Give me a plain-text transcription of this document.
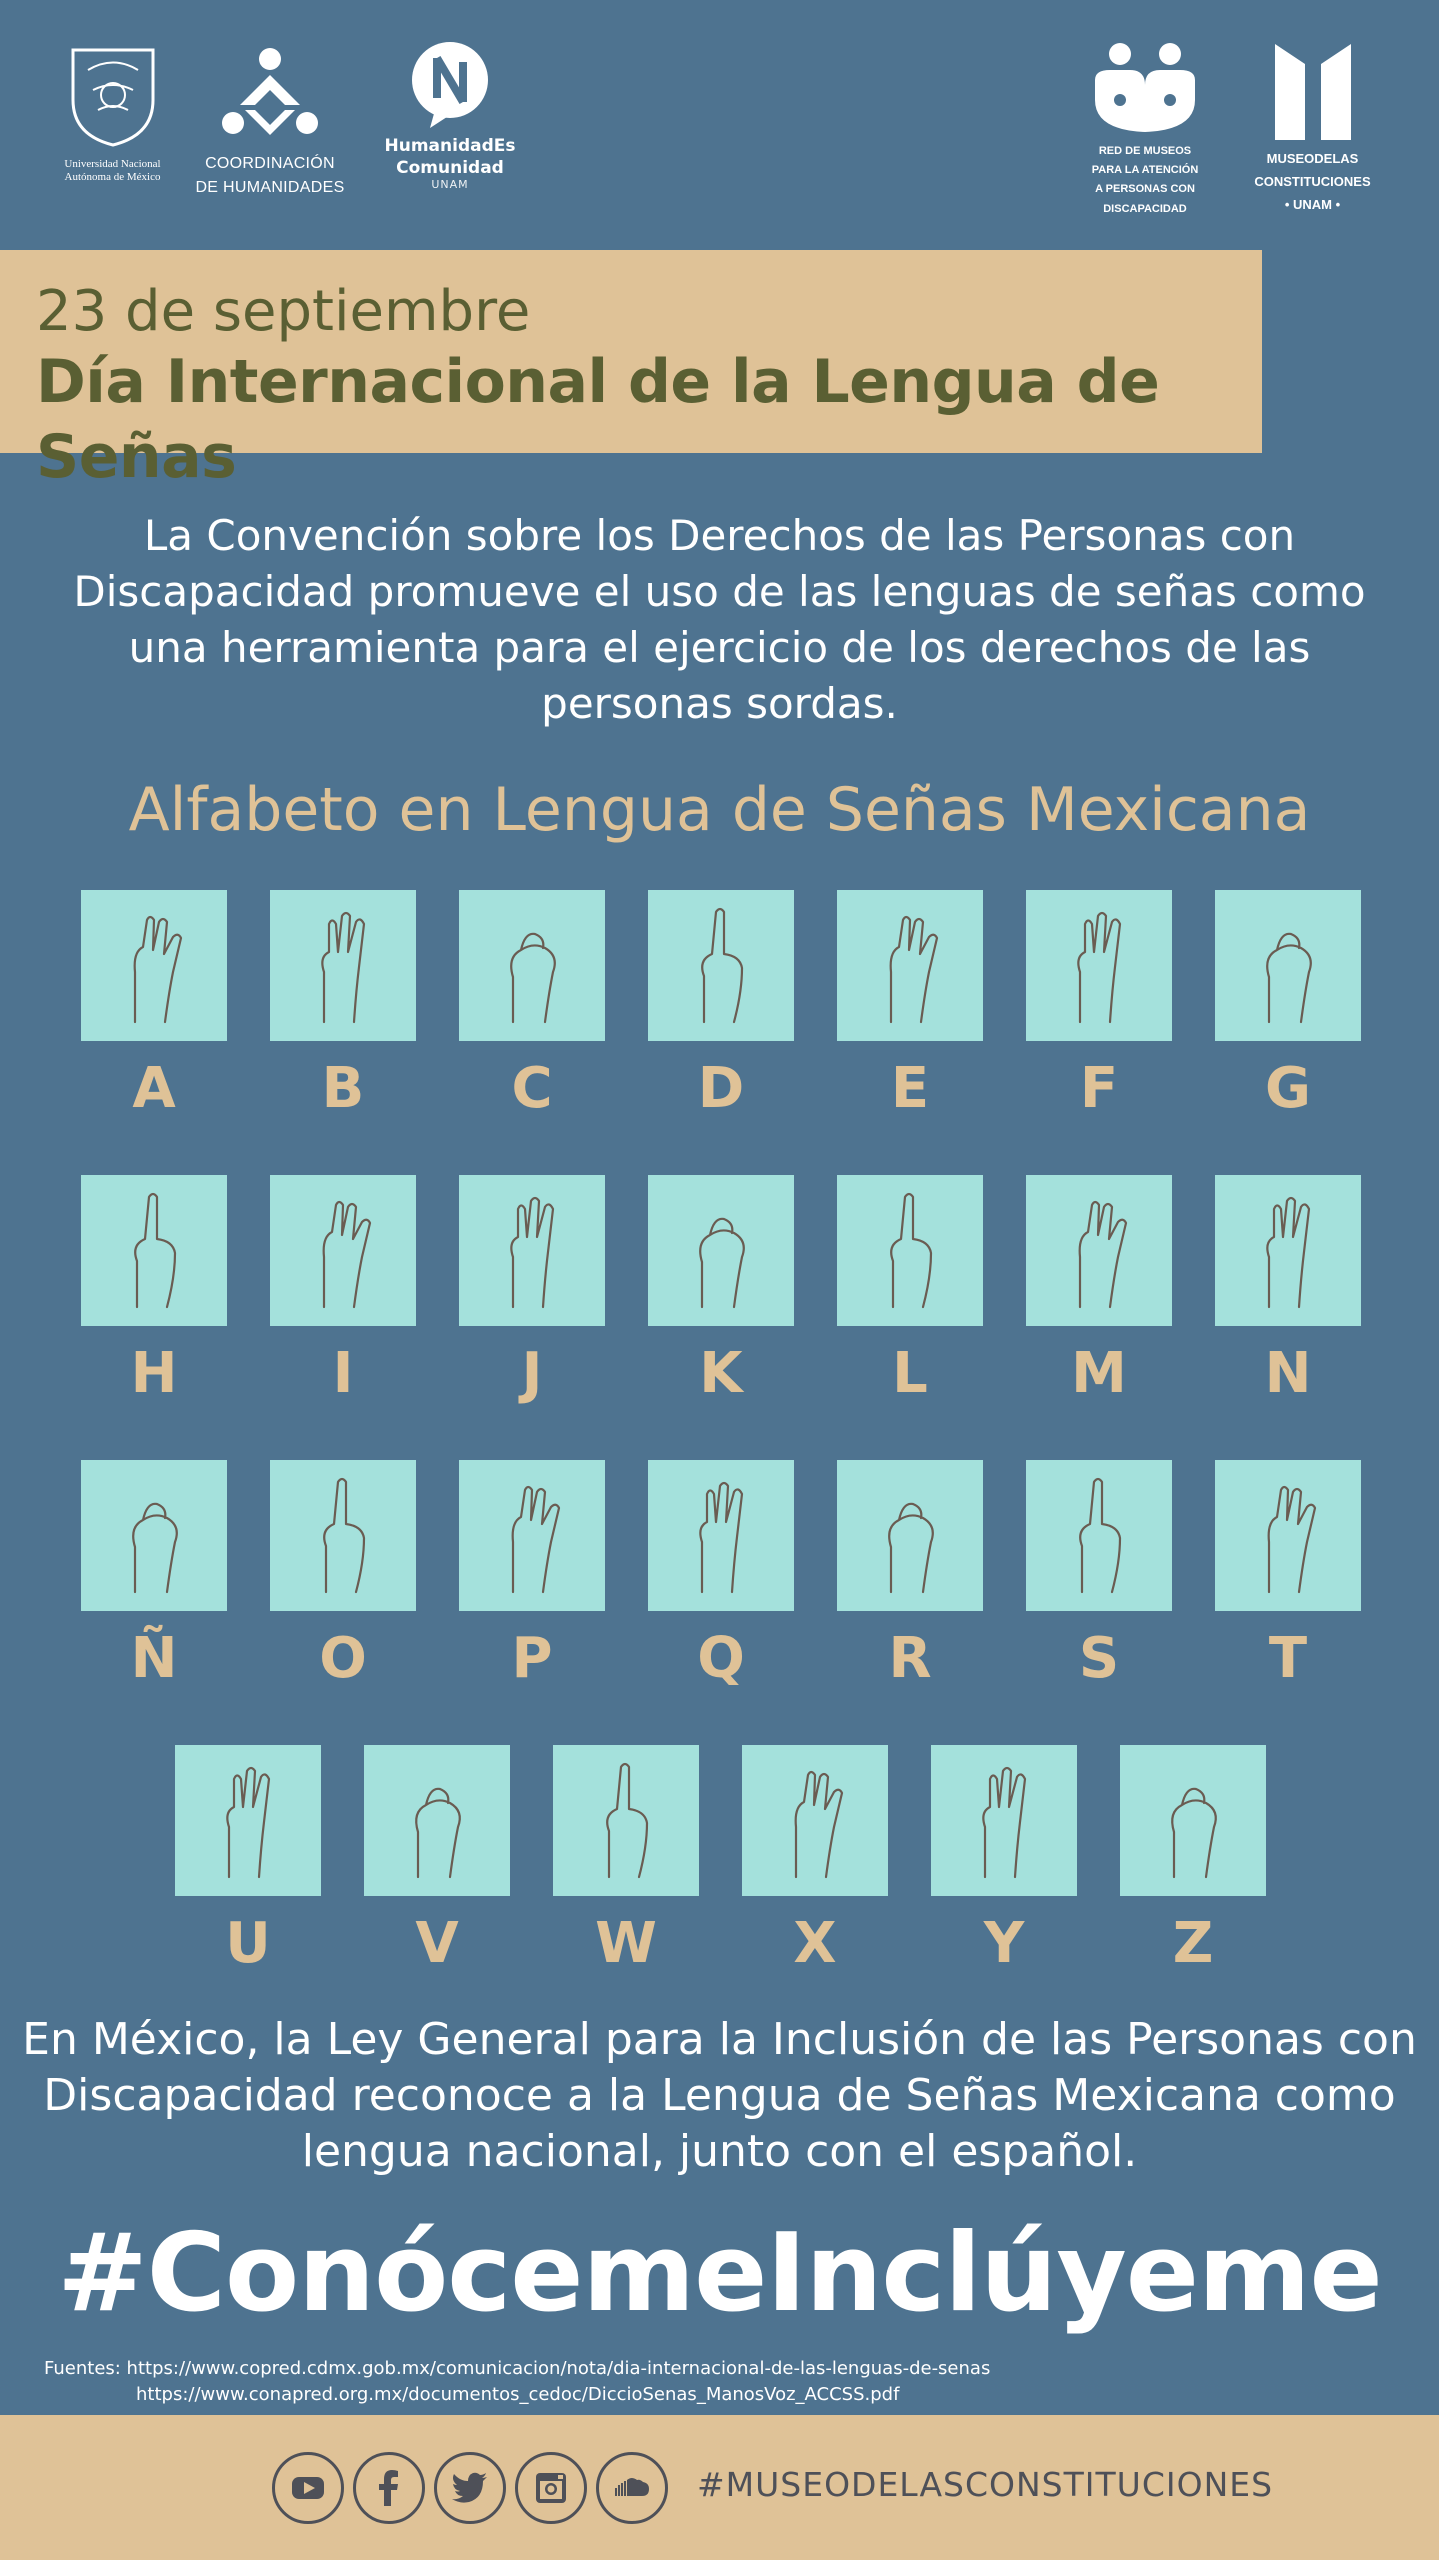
Universidad Nacional Autónoma de México
COORDINACIÓN
DE HUMANIDADES
HumanidadEs
Comunidad
UNAM
RED DE MUSEOS
PARA LA ATENCIÓN
A PERSONAS CON
DISCAPACIDAD
MUSEODELAS
CONSTITUCIONES
• UNAM •
23 de septiembre
Día Internacional de la Lengua de Señas
La Convención sobre los Derechos de las Personas con Discapacidad promueve el uso de las lenguas de señas como una herramienta para el ejercicio de los derechos de las personas sordas.
Alfabeto en Lengua de Señas Mexicana
A	B	C	D	E	F	G
H	I	J	K	L	M	N
Ñ	O	P	Q	R	S	T
U	V	W	X	Y	Z
En México, la Ley General para la Inclusión de las Personas con Discapacidad reconoce a la Lengua de Señas Mexicana como lengua nacional, junto con el español.
#ConócemeInclúyeme
Fuentes: https://www.copred.cdmx.gob.mx/comunicacion/nota/dia-internacional-de-las-lenguas-de-senas
https://www.conapred.org.mx/documentos_cedoc/DiccioSenas_ManosVoz_ACCSS.pdf
#MUSEODELASCONSTITUCIONES
